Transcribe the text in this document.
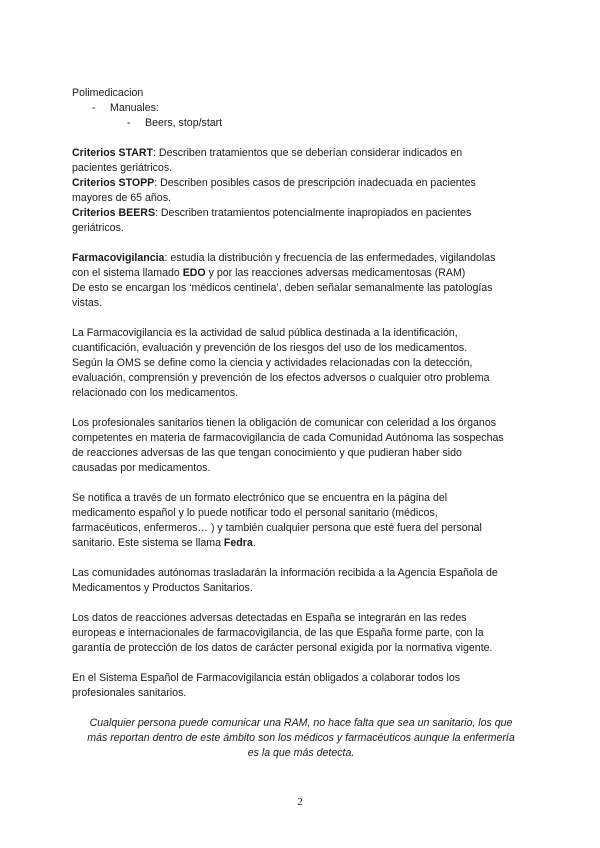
Polimedicacion
- Manuales:
- Beers, stop/start
Criterios START: Describen tratamientos que se deberían considerar indicados en
pacientes geriátricos.
Criterios STOPP: Describen posibles casos de prescripción inadecuada en pacientes
mayores de 65 años.
Criterios BEERS: Describen tratamientos potencialmente inapropiados en pacientes
geriátricos.
Farmacovigilancia: estudia la distribución y frecuencia de las enfermedades, vigilandolas
con el sistema llamado EDO y por las reacciones adversas medicamentosas (RAM)
De esto se encargan los ‘médicos centinela’, deben señalar semanalmente las patologías
vistas.
La Farmacovigilancia es la actividad de salud pública destinada a la identificación,
cuantificación, evaluación y prevención de los riesgos del uso de los medicamentos.
Según la OMS se define como la ciencia y actividades relacionadas con la detección,
evaluación, comprensión y prevención de los efectos adversos o cualquier otro problema
relacionado con los medicamentos.
Los profesionales sanitarios tienen la obligación de comunicar con celeridad a los órganos
competentes en materia de farmacovigilancia de cada Comunidad Autónoma las sospechas
de reacciones adversas de las que tengan conocimiento y que pudieran haber sido
causadas por medicamentos.
Se notifica a través de un formato electrónico que se encuentra en la página del
medicamento español y lo puede notificar todo el personal sanitario (médicos,
farmacéuticos, enfermeros… ) y también cualquier persona que esté fuera del personal
sanitario. Este sistema se llama Fedra.
Las comunidades autónomas trasladarán la información recibida a la Agencia Española de
Medicamentos y Productos Sanitarios.
Los datos de reacciones adversas detectadas en España se integrarán en las redes
europeas e internacionales de farmacovigilancia, de las que España forme parte, con la
garantía de protección de los datos de carácter personal exigida por la normativa vigente.
En el Sistema Español de Farmacovigilancia están obligados a colaborar todos los
profesionales sanitarios.
Cualquier persona puede comunicar una RAM, no hace falta que sea un sanitario, los que
más reportan dentro de este ámbito son los médicos y farmacéuticos aunque la enfermería
es la que más detecta.
2
